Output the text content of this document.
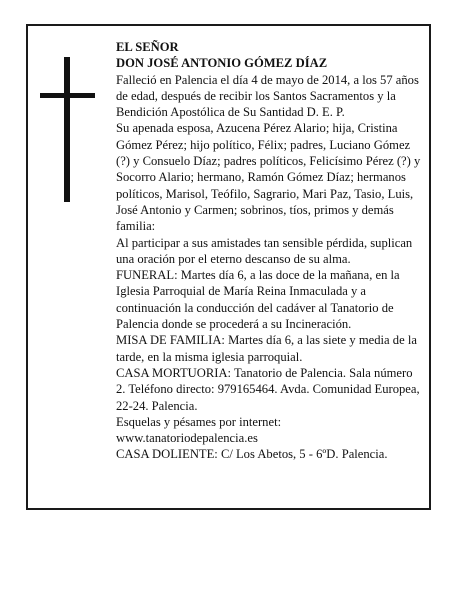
EL SEÑOR
DON JOSÉ ANTONIO GÓMEZ DÍAZ

Falleció en Palencia el día 4 de mayo de 2014, a los 57 años de edad, después de recibir los Santos Sacramentos y la Bendición Apostólica de Su Santidad D. E. P.

Su apenada esposa, Azucena Pérez Alario; hija, Cristina Gómez Pérez; hijo político, Félix; padres, Luciano Gómez (?) y Consuelo Díaz; padres políticos, Felicísimo Pérez (?) y Socorro Alario; hermano, Ramón Gómez Díaz; hermanos políticos, Marisol, Teófilo, Sagrario, Mari Paz, Tasio, Luis, José Antonio y Carmen; sobrinos, tíos, primos y demás familia:

Al participar a sus amistades tan sensible pérdida, suplican una oración por el eterno descanso de su alma.

FUNERAL: Martes día 6, a las doce de la mañana, en la Iglesia Parroquial de María Reina Inmaculada y a continuación la conducción del cadáver al Tanatorio de Palencia donde se procederá a su Incineración.

MISA DE FAMILIA: Martes día 6, a las siete y media de la tarde, en la misma iglesia parroquial.

CASA MORTUORIA: Tanatorio de Palencia. Sala número 2. Teléfono directo: 979165464. Avda. Comunidad Europea, 22-24. Palencia.

Esquelas y pésames por internet:

www.tanatoriodepalencia.es

CASA DOLIENTE: C/ Los Abetos, 5 - 6ºD. Palencia.
